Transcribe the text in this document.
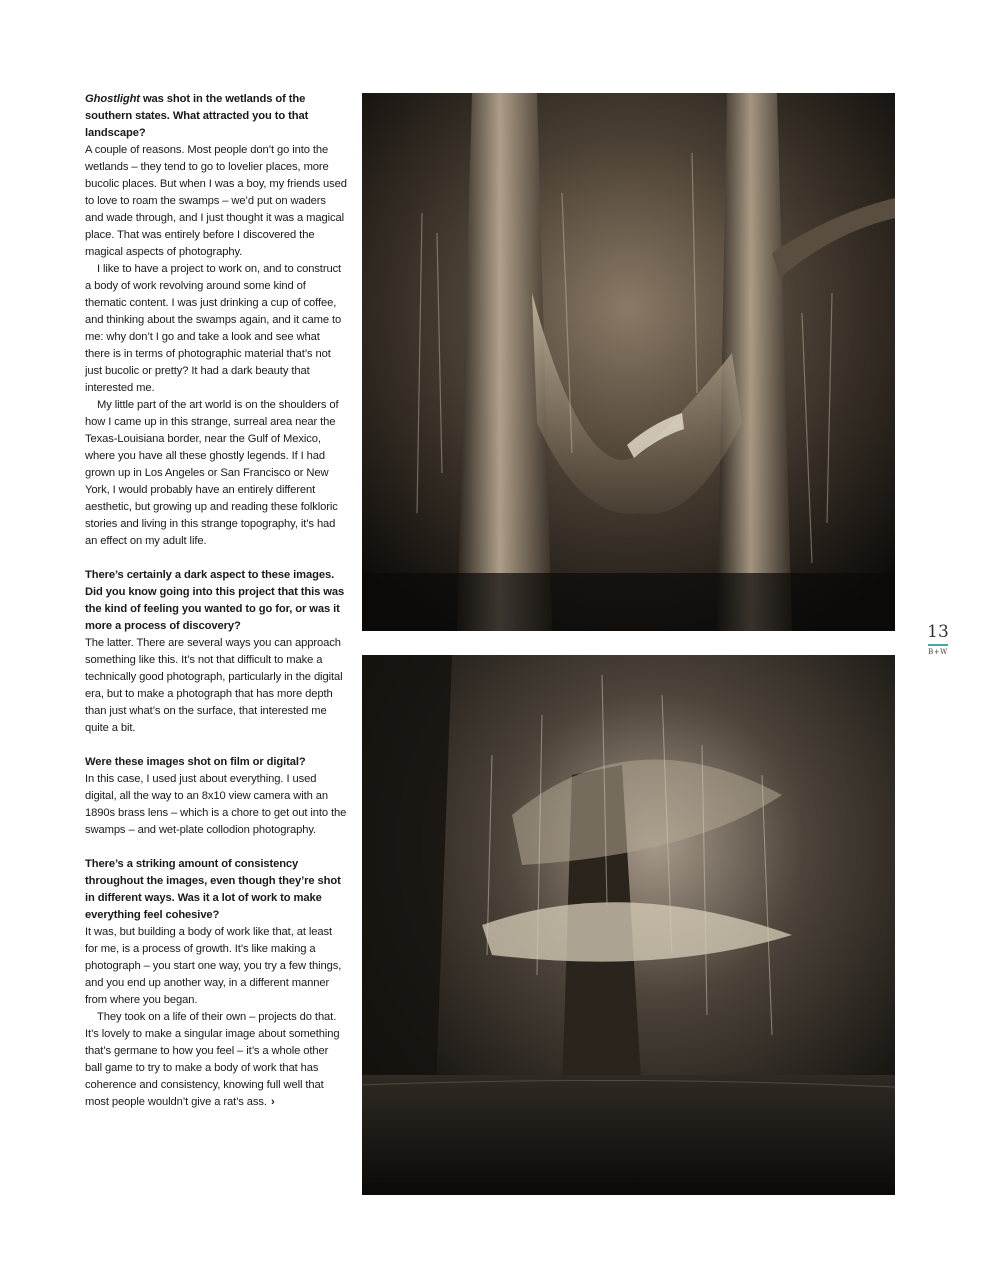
Ghostlight was shot in the wetlands of the southern states. What attracted you to that landscape?

A couple of reasons. Most people don’t go into the wetlands – they tend to go to lovelier places, more bucolic places. But when I was a boy, my friends used to love to roam the swamps – we’d put on waders and wade through, and I just thought it was a magical place. That was entirely before I discovered the magical aspects of photography.

I like to have a project to work on, and to construct a body of work revolving around some kind of thematic content. I was just drinking a cup of coffee, and thinking about the swamps again, and it came to me: why don’t I go and take a look and see what there is in terms of photographic material that’s not just bucolic or pretty? It had a dark beauty that interested me.

My little part of the art world is on the shoulders of how I came up in this strange, surreal area near the Texas-Louisiana border, near the Gulf of Mexico, where you have all these ghostly legends. If I had grown up in Los Angeles or San Francisco or New York, I would probably have an entirely different aesthetic, but growing up and reading these folkloric stories and living in this strange topography, it’s had an effect on my adult life.

There’s certainly a dark aspect to these images. Did you know going into this project that this was the kind of feeling you wanted to go for, or was it more a process of discovery?

The latter. There are several ways you can approach something like this. It’s not that difficult to make a technically good photograph, particularly in the digital era, but to make a photograph that has more depth than just what’s on the surface, that interested me quite a bit.

Were these images shot on film or digital?

In this case, I used just about everything. I used digital, all the way to an 8x10 view camera with an 1890s brass lens – which is a chore to get out into the swamps – and wet-plate collodion photography.

There’s a striking amount of consistency throughout the images, even though they’re shot in different ways. Was it a lot of work to make everything feel cohesive?

It was, but building a body of work like that, at least for me, is a process of growth. It’s like making a photograph – you start one way, you try a few things, and you end up another way, in a different manner from where you began.

They took on a life of their own – projects do that. It’s lovely to make a singular image about something that’s germane to how you feel – it’s a whole other ball game to try to make a body of work that has coherence and consistency, knowing full well that most people wouldn’t give a rat’s ass. ›

13
B+W
